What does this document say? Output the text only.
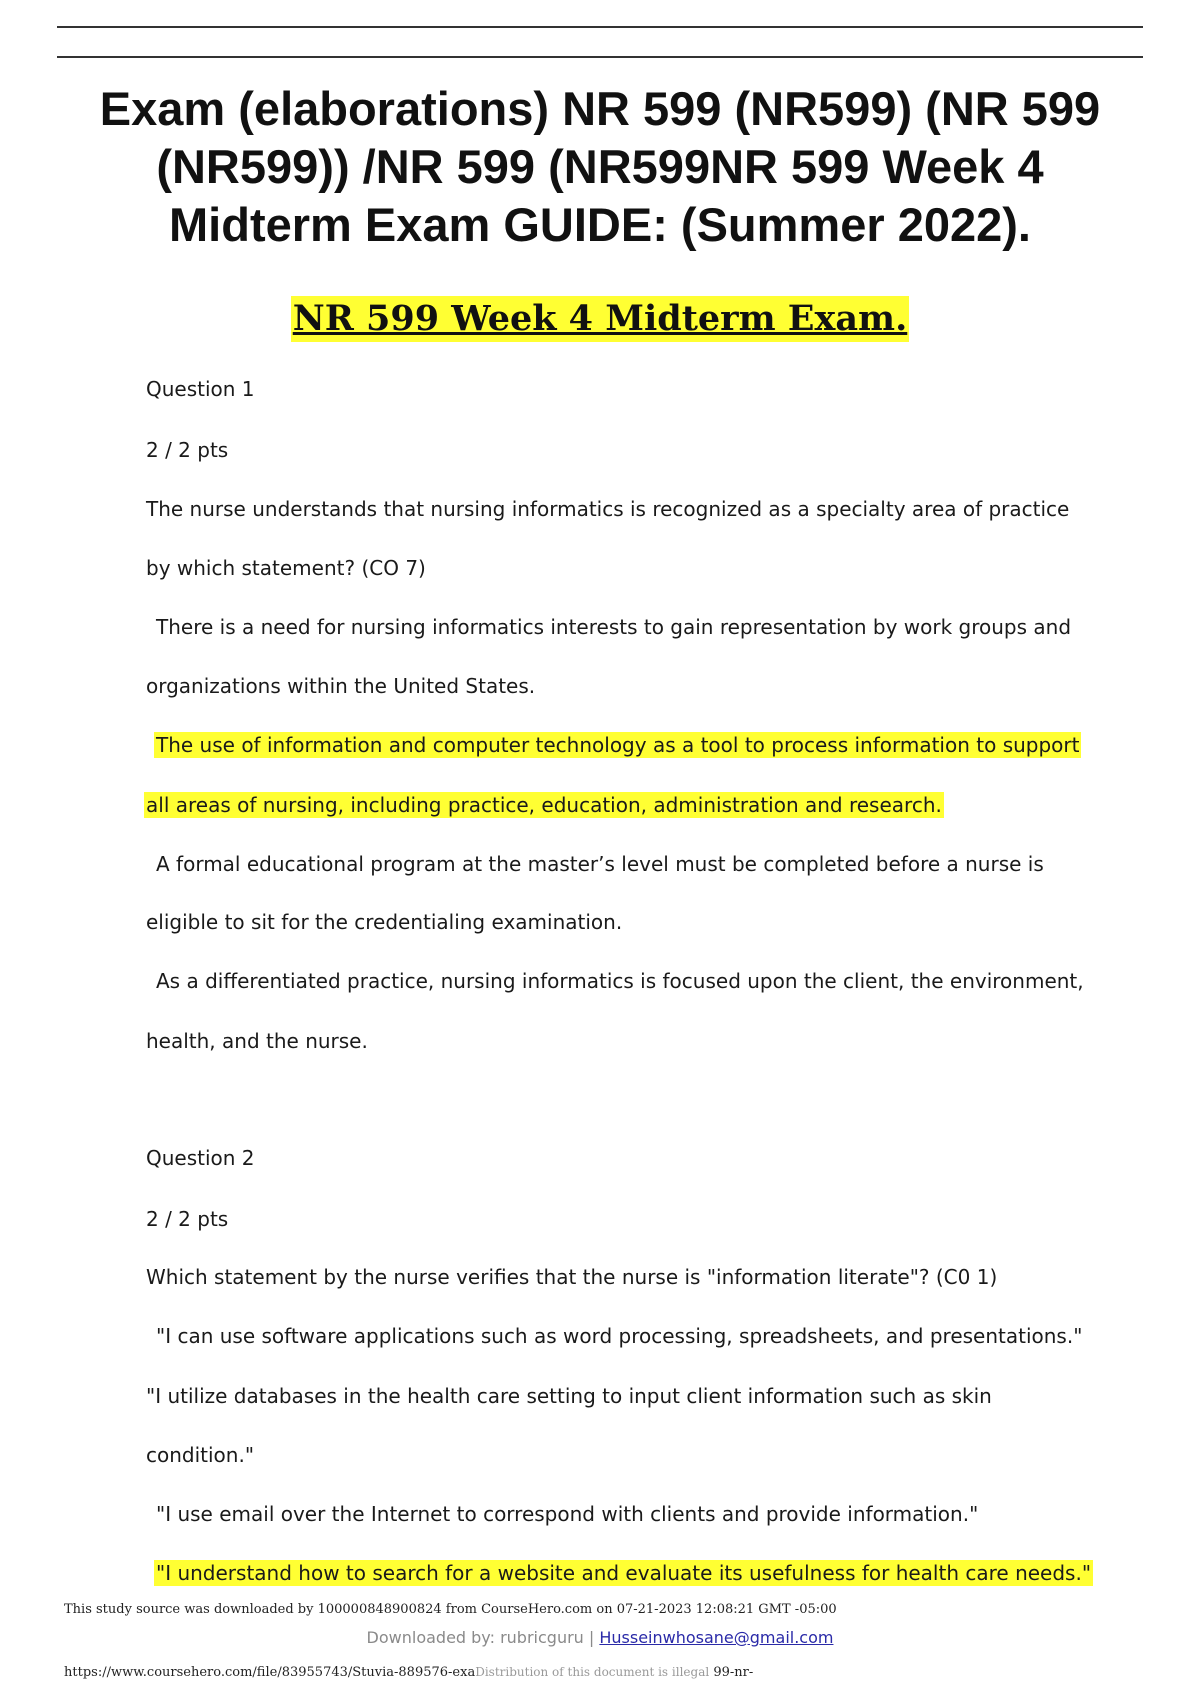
Exam (elaborations) NR 599 (NR599) (NR 599
(NR599)) /NR 599 (NR599NR 599 Week 4
Midterm Exam GUIDE: (Summer 2022).
NR 599 Week 4 Midterm Exam.
Question 1
2 / 2 pts
The nurse understands that nursing informatics is recognized as a specialty area of practice
by which statement? (CO 7)
There is a need for nursing informatics interests to gain representation by work groups and
organizations within the United States.
The use of information and computer technology as a tool to process information to support
all areas of nursing, including practice, education, administration and research.
A formal educational program at the master’s level must be completed before a nurse is
eligible to sit for the credentialing examination.
As a differentiated practice, nursing informatics is focused upon the client, the environment,
health, and the nurse.
Question 2
2 / 2 pts
Which statement by the nurse verifies that the nurse is "information literate"? (C0 1)
"I can use software applications such as word processing, spreadsheets, and presentations."
"I utilize databases in the health care setting to input client information such as skin
condition."
"I use email over the Internet to correspond with clients and provide information."
"I understand how to search for a website and evaluate its usefulness for health care needs."
This study source was downloaded by 100000848900824 from CourseHero.com on 07-21-2023 12:08:21 GMT -05:00
Downloaded by: rubricguru | Husseinwhosane@gmail.com
https://www.coursehero.com/file/83955743/Stuvia-889576-exaDistribution of this document is illegal 99-nr-
